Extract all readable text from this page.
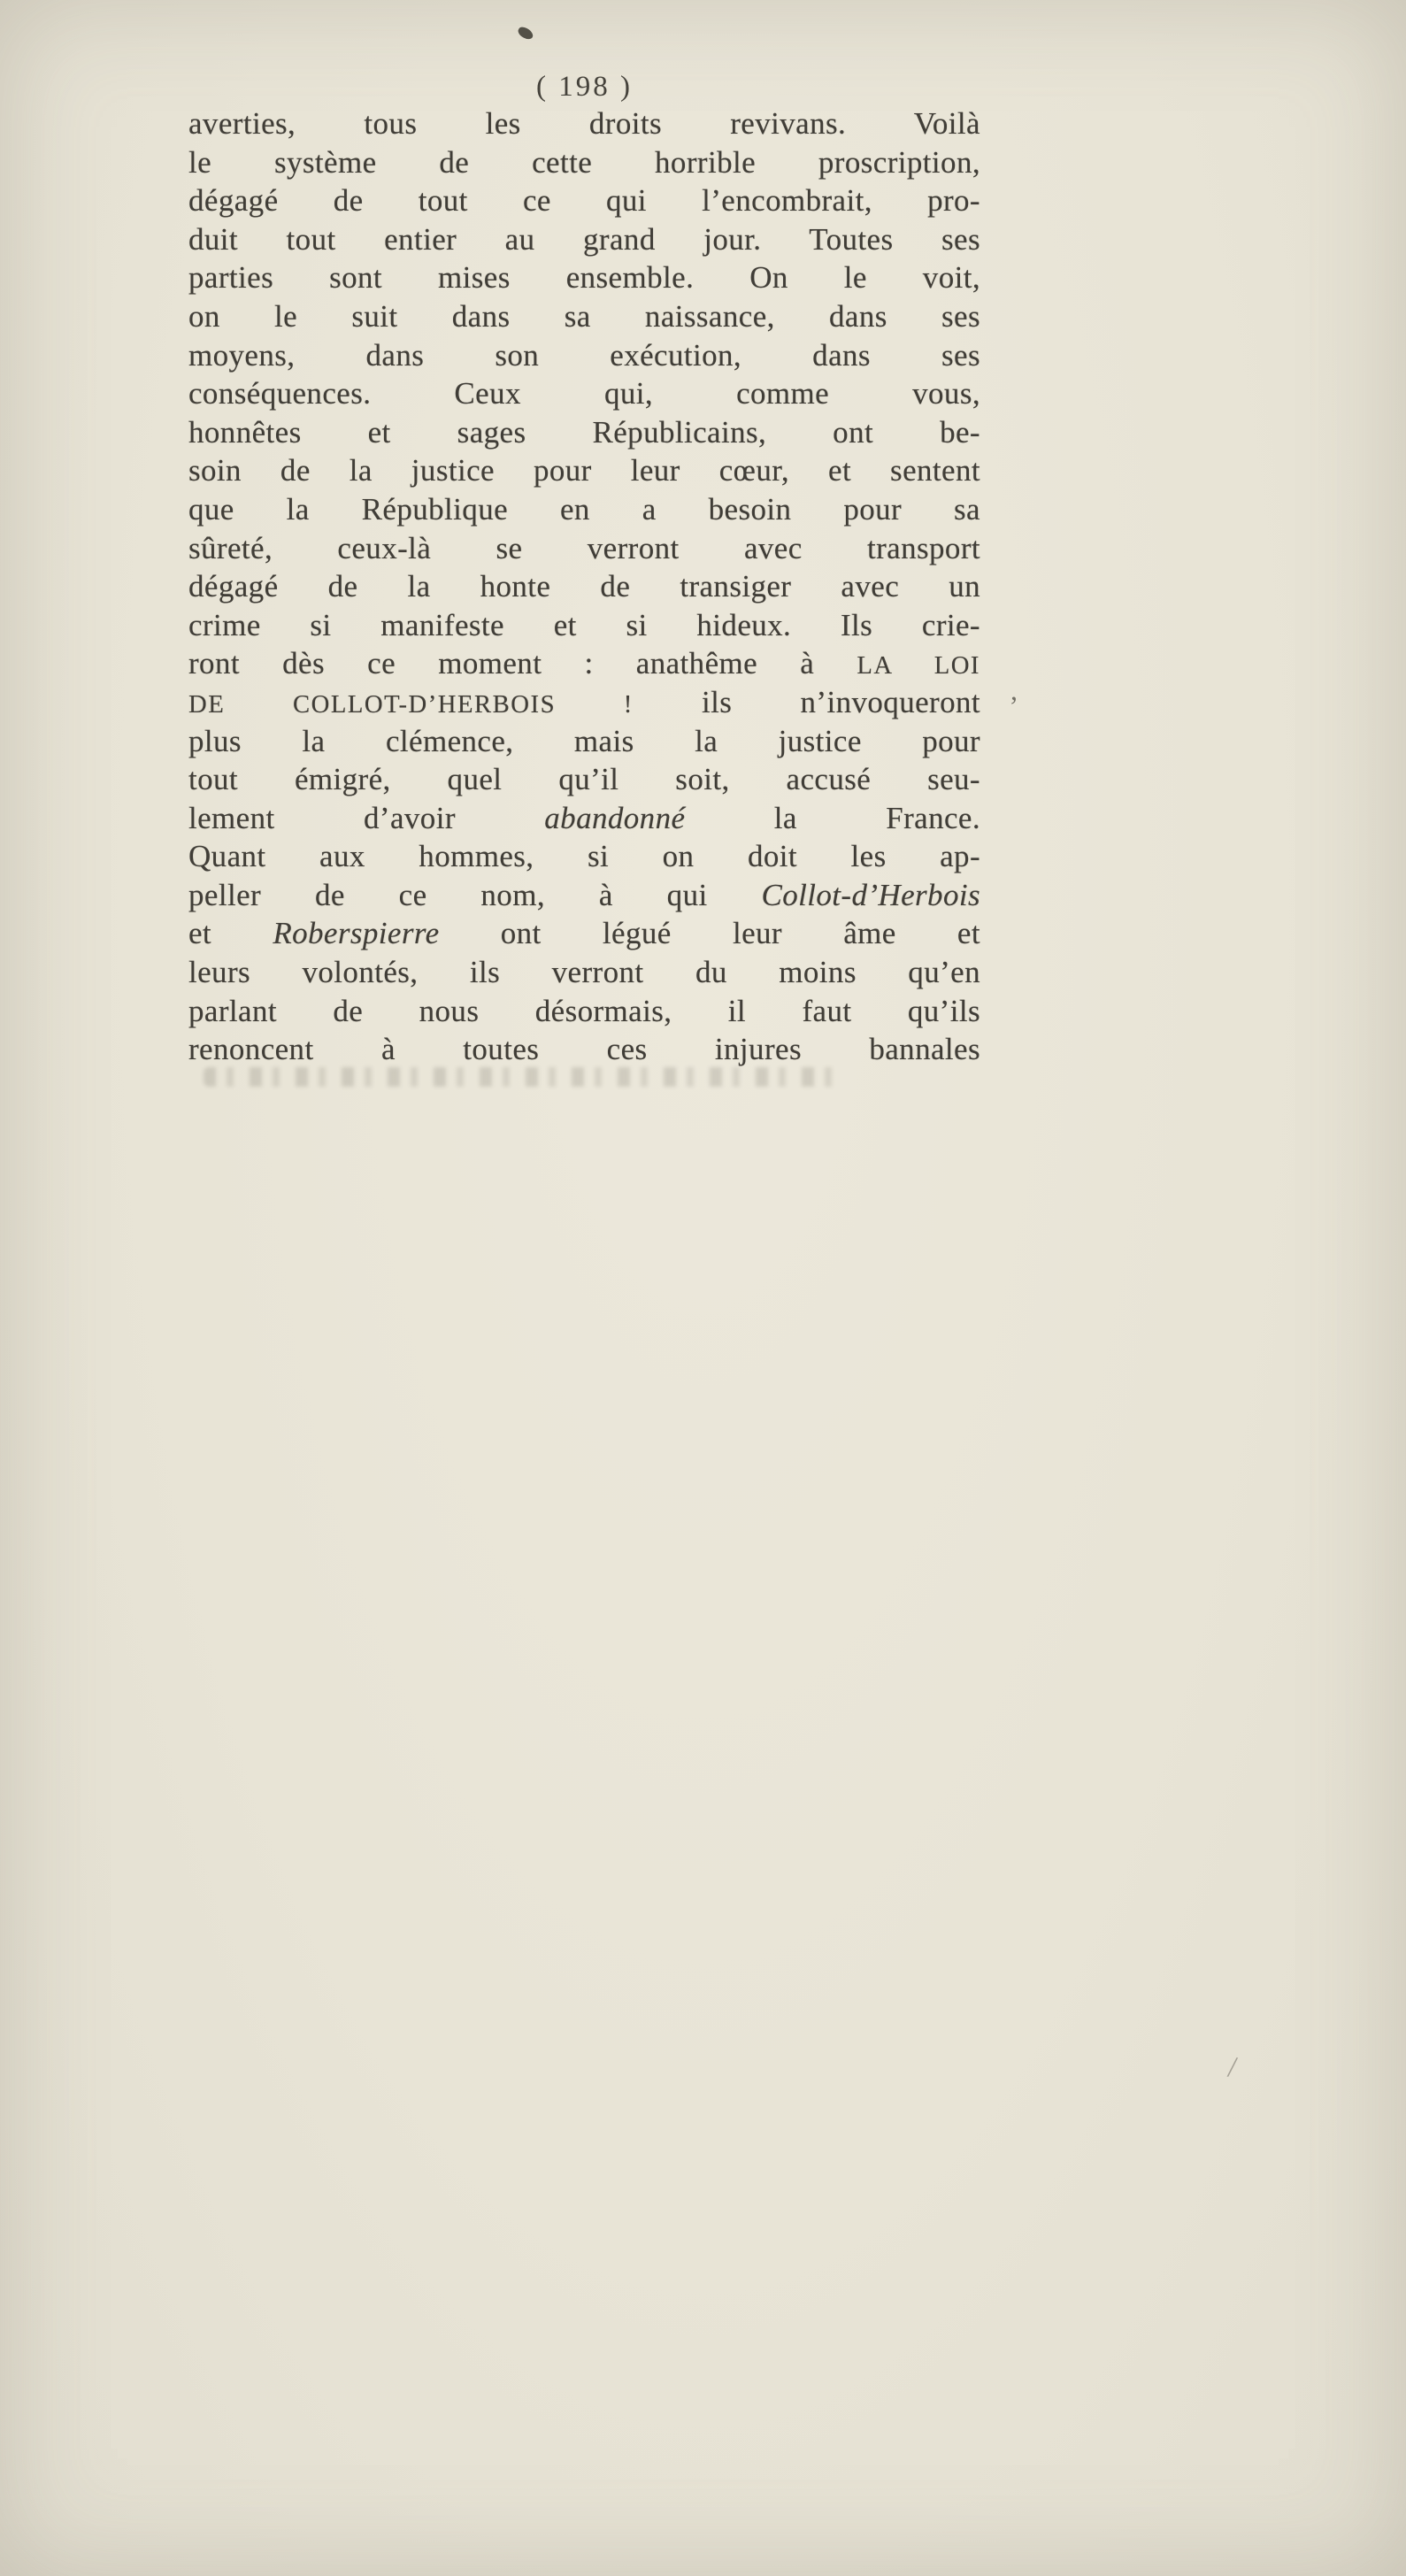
( 198 )
averties, tous les droits revivans. Voilà
le système de cette horrible proscription,
dégagé de tout ce qui l’encombrait, pro-
duit tout entier au grand jour. Toutes ses
parties sont mises ensemble. On le voit,
on le suit dans sa naissance, dans ses
moyens, dans son exécution, dans ses
conséquences. Ceux qui, comme vous,
honnêtes et sages Républicains, ont be-
soin de la justice pour leur cœur, et sentent
que la République en a besoin pour sa
sûreté, ceux-là se verront avec transport
dégagé de la honte de transiger avec un
crime si manifeste et si hideux. Ils crie-
ront dès ce moment : anathême à LA LOI
DE COLLOT-D’HERBOIS ! ils n’invoqueront
plus la clémence, mais la justice pour
tout émigré, quel qu’il soit, accusé seu-
lement d’avoir abandonné la France.
Quant aux hommes, si on doit les ap-
peller de ce nom, à qui Collot-d’Herbois
et Roberspierre ont légué leur âme et
leurs volontés, ils verront du moins qu’en
parlant de nous désormais, il faut qu’ils
renoncent à toutes ces injures bannales
,
/
